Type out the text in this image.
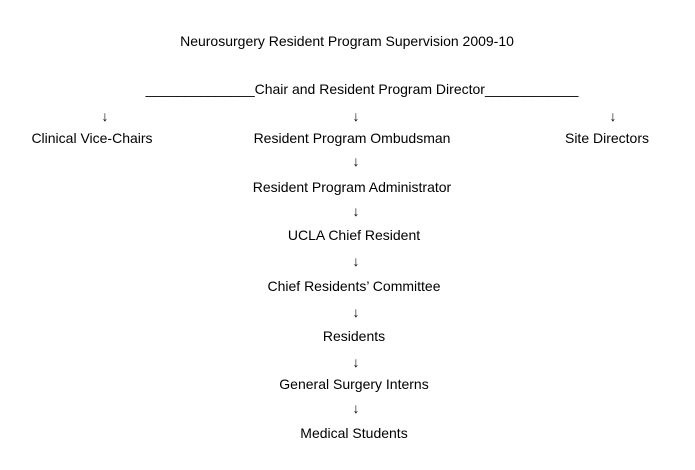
Neurosurgery Resident Program Supervision 2009-10
______________Chair and Resident Program Director____________
↓	↓	↓
Clinical Vice-Chairs	Resident Program Ombudsman	Site Directors
↓
Resident Program Administrator
↓
UCLA Chief Resident
↓
Chief Residents’ Committee
↓
Residents
↓
General Surgery Interns
↓
Medical Students
